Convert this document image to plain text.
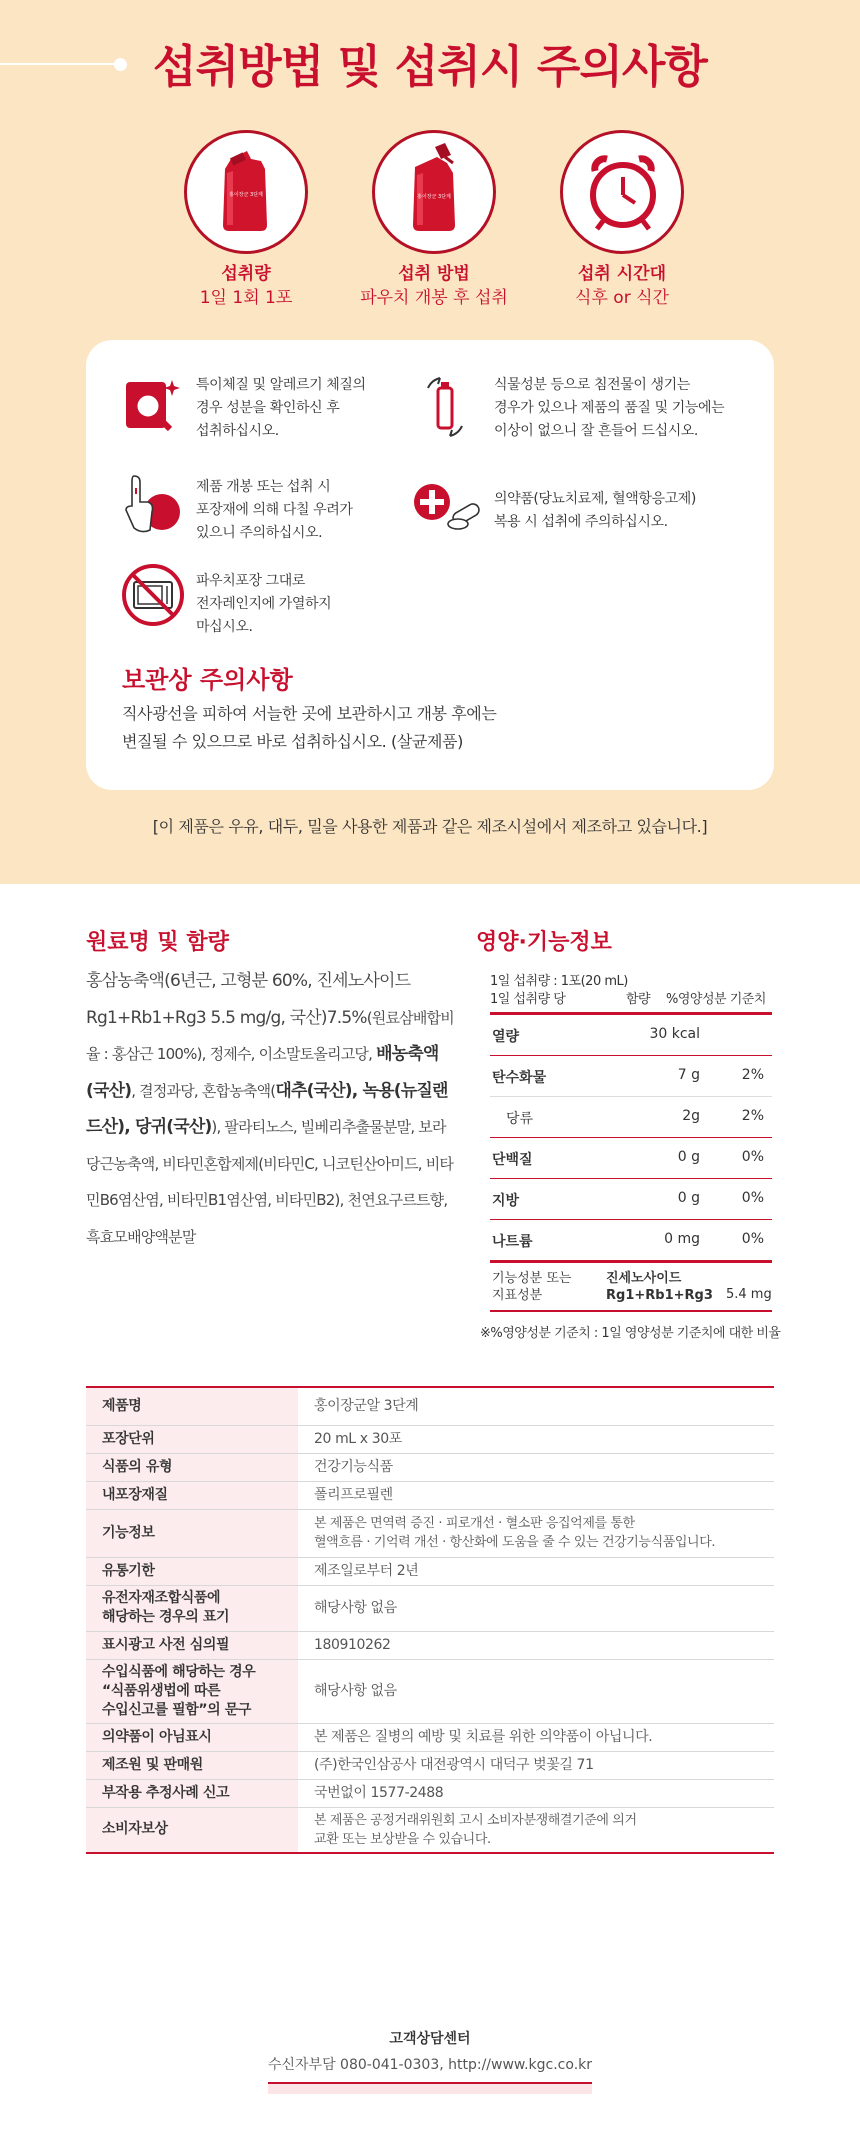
섭취방법 및 섭취시 주의사항
홍이장군 3단계
섭취량
1일 1회 1포
홍이장군 3단계
섭취 방법
파우치 개봉 후 섭취
섭취 시간대
식후 or 식간
특이체질 및 알레르기 체질의
경우 성분을 확인하신 후
섭취하십시오.
식물성분 등으로 침전물이 생기는
경우가 있으나 제품의 품질 및 기능에는
이상이 없으니 잘 흔들어 드십시오.
제품 개봉 또는 섭취 시
포장재에 의해 다칠 우려가
있으니 주의하십시오.
의약품(당뇨치료제, 혈액항응고제)
복용 시 섭취에 주의하십시오.
파우치포장 그대로
전자레인지에 가열하지
마십시오.
보관상 주의사항
직사광선을 피하여 서늘한 곳에 보관하시고 개봉 후에는
변질될 수 있으므로 바로 섭취하십시오. (살균제품)
[이 제품은 우유, 대두, 밀을 사용한 제품과 같은 제조시설에서 제조하고 있습니다.]
원료명 및 함량
홍삼농축액(6년근, 고형분 60%, 진세노사이드 Rg1+Rb1+Rg3 5.5 mg/g, 국산)7.5%(원료삼배합비율 : 홍삼근 100%), 정제수, 이소말토올리고당, 배농축액(국산), 결정과당, 혼합농축액(대추(국산), 녹용(뉴질랜드산), 당귀(국산)), 팔라티노스, 빌베리추출물분말, 보라당근농축액, 비타민혼합제제(비타민C, 니코틴산아미드, 비타민B6염산염, 비타민B1염산염, 비타민B2), 천연요구르트향, 흑효모배양액분말
영양·기능정보
1일 섭취량 : 1포(20 mL)
1일 섭취량 당	함량 %영양성분 기준치
열량	30 kcal
탄수화물	7 g	2%
당류	2g	2%
단백질	0 g	0%
지방	0 g	0%
나트륨	0 mg	0%
기능성분 또는
지표성분
진세노사이드
Rg1+Rb1+Rg3 5.4 mg
※%영양성분 기준치 : 1일 영양성분 기준치에 대한 비율
제품명	홍이장군알 3단계
포장단위	20 mL x 30포
식품의 유형	건강기능식품
내포장재질	폴리프로필렌
기능정보	본 제품은 면역력 증진 · 피로개선 · 혈소판 응집억제를 통한
혈액흐름 · 기억력 개선 · 항산화에 도움을 줄 수 있는 건강기능식품입니다.
유통기한	제조일로부터 2년
유전자재조합식품에
해당하는 경우의 표기	해당사항 없음
표시광고 사전 심의필	180910262
수입식품에 해당하는 경우
“식품위생법에 따른
수입신고를 필함”의 문구	해당사항 없음
의약품이 아님표시	본 제품은 질병의 예방 및 치료를 위한 의약품이 아닙니다.
제조원 및 판매원	(주)한국인삼공사 대전광역시 대덕구 벚꽃길 71
부작용 추정사례 신고	국번없이 1577-2488
소비자보상	본 제품은 공정거래위원회 고시 소비자분쟁해결기준에 의거
교환 또는 보상받을 수 있습니다.
고객상담센터
수신자부담 080-041-0303, http://www.kgc.co.kr
